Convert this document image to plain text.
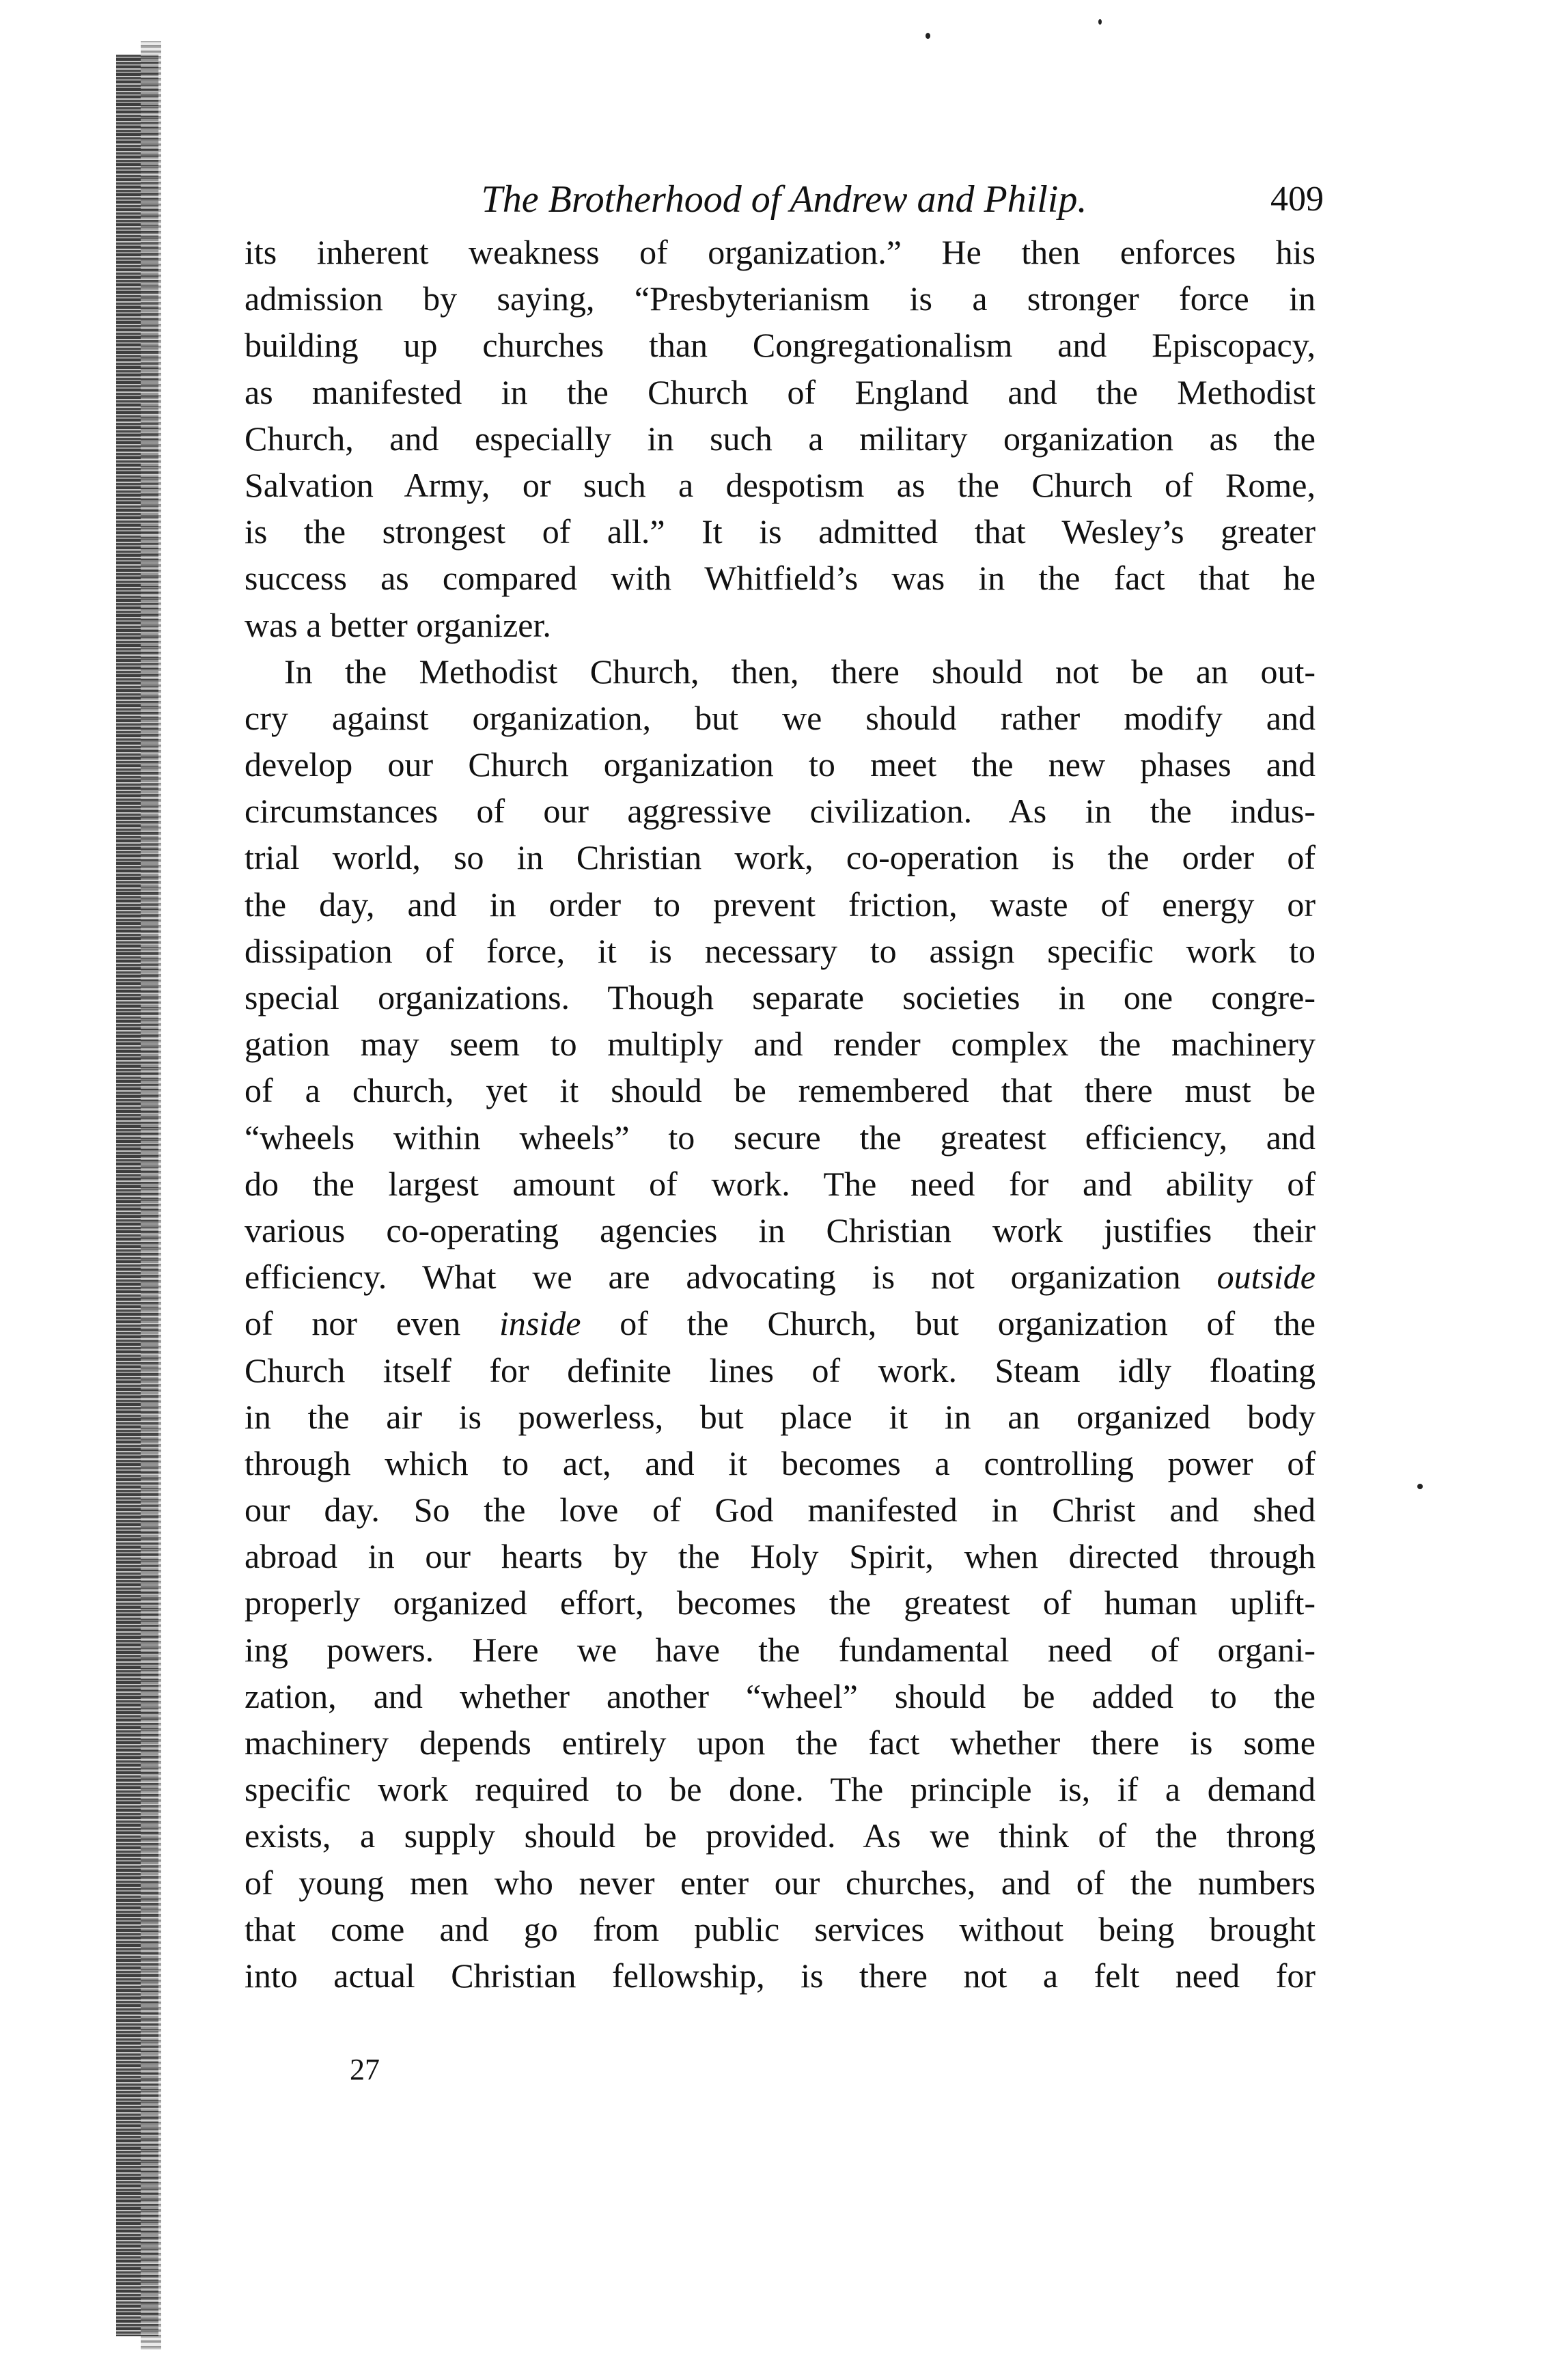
The Brotherhood of Andrew and Philip.	409
its inherent weakness of organization.” He then enforces his
admission by saying, “Presbyterianism is a stronger force in
building up churches than Congregationalism and Episcopacy,
as manifested in the Church of England and the Methodist
Church, and especially in such a military organization as the
Salvation Army, or such a despotism as the Church of Rome,
is the strongest of all.” It is admitted that Wesley’s greater
success as compared with Whitfield’s was in the fact that he
was a better organizer.
In the Methodist Church, then, there should not be an out-
cry against organization, but we should rather modify and
develop our Church organization to meet the new phases and
circumstances of our aggressive civilization. As in the indus-
trial world, so in Christian work, co-operation is the order of
the day, and in order to prevent friction, waste of energy or
dissipation of force, it is necessary to assign specific work to
special organizations. Though separate societies in one congre-
gation may seem to multiply and render complex the machinery
of a church, yet it should be remembered that there must be
“wheels within wheels” to secure the greatest efficiency, and
do the largest amount of work. The need for and ability of
various co-operating agencies in Christian work justifies their
efficiency. What we are advocating is not organization outside
of nor even inside of the Church, but organization of the
Church itself for definite lines of work. Steam idly floating
in the air is powerless, but place it in an organized body
through which to act, and it becomes a controlling power of
our day. So the love of God manifested in Christ and shed
abroad in our hearts by the Holy Spirit, when directed through
properly organized effort, becomes the greatest of human uplift-
ing powers. Here we have the fundamental need of organi-
zation, and whether another “wheel” should be added to the
machinery depends entirely upon the fact whether there is some
specific work required to be done. The principle is, if a demand
exists, a supply should be provided. As we think of the throng
of young men who never enter our churches, and of the numbers
that come and go from public services without being brought
into actual Christian fellowship, is there not a felt need for
27
